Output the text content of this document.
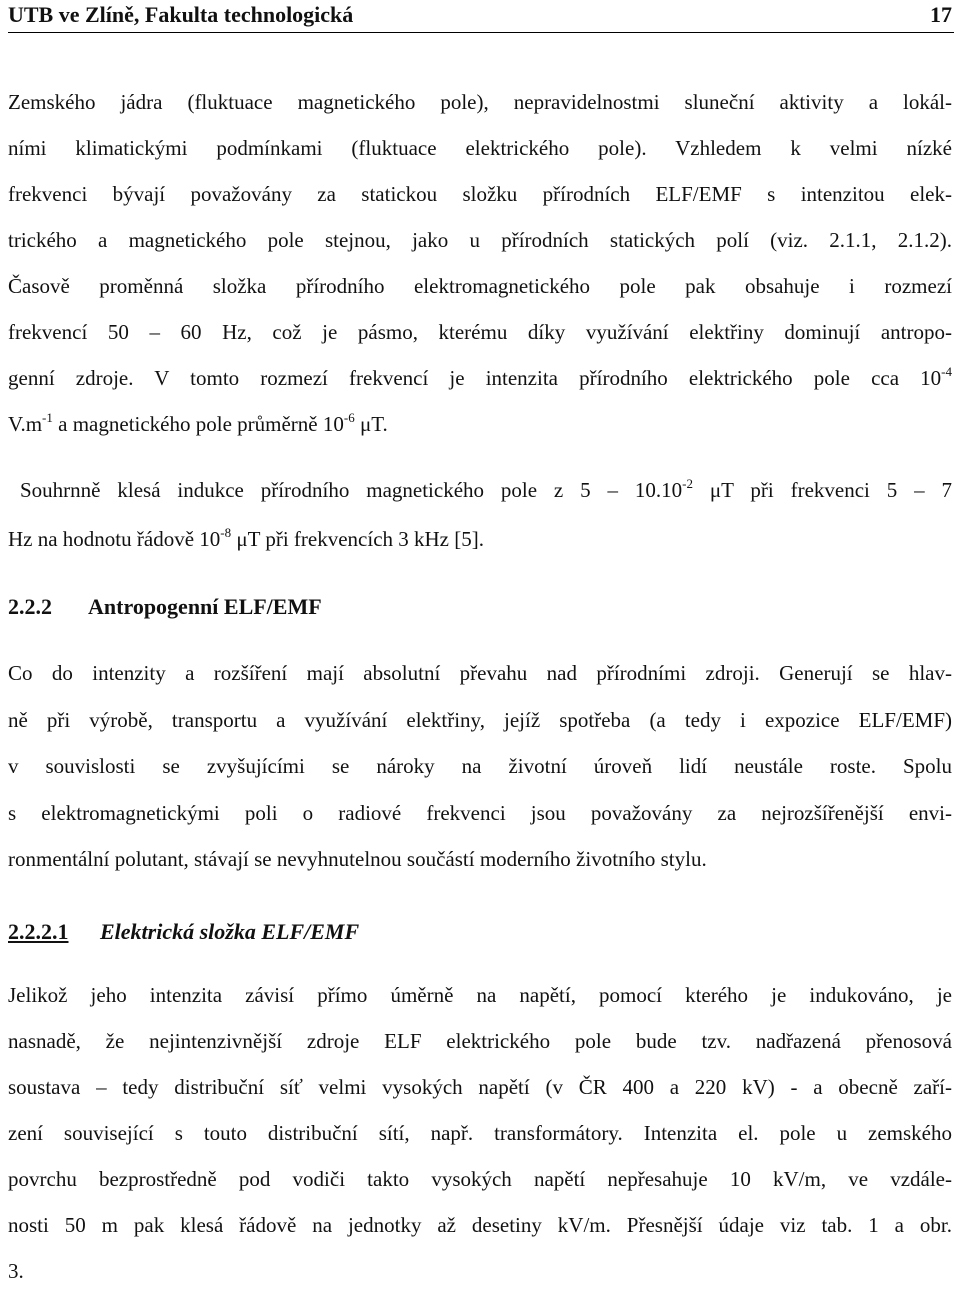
UTB ve Zlíně, Fakulta technologická	17
Zemského jádra (fluktuace magnetického pole), nepravidelnostmi sluneční aktivity a lokál-
ními klimatickými podmínkami (fluktuace elektrického pole). Vzhledem k velmi nízké
frekvenci bývají považovány za statickou složku přírodních ELF/EMF s intenzitou elek-
trického a magnetického pole stejnou, jako u přírodních statických polí (viz. 2.1.1, 2.1.2).
Časově proměnná složka přírodního elektromagnetického pole pak obsahuje i rozmezí
frekvencí 50 – 60 Hz, což je pásmo, kterému díky využívání elektřiny dominují antropo-
genní zdroje. V tomto rozmezí frekvencí je intenzita přírodního elektrického pole cca $10^{-4}$
$V.m^{-1}$ a magnetického pole průměrně $10^{-6}$ μT.
Souhrnně klesá indukce přírodního magnetického pole z $5 - 10.10^{-2}$ μT při frekvenci 5 – 7
Hz na hodnotu řádově $10^{-8}$ μT při frekvencích 3 kHz [5].
2.2.2 Antropogenní ELF/EMF
Co do intenzity a rozšíření mají absolutní převahu nad přírodními zdroji. Generují se hlav-
ně při výrobě, transportu a využívání elektřiny, jejíž spotřeba (a tedy i expozice ELF/EMF)
v souvislosti se zvyšujícími se nároky na životní úroveň lidí neustále roste. Spolu
s elektromagnetickými poli o radiové frekvenci jsou považovány za nejrozšířenější envi-
ronmentální polutant, stávají se nevyhnutelnou součástí moderního životního stylu.
2.2.2.1 Elektrická složka ELF/EMF
Jelikož jeho intenzita závisí přímo úměrně na napětí, pomocí kterého je indukováno, je
nasnadě, že nejintenzivnější zdroje ELF elektrického pole bude tzv. nadřazená přenosová
soustava – tedy distribuční síť velmi vysokých napětí (v ČR 400 a 220 kV) - a obecně zaří-
zení související s touto distribuční sítí, např. transformátory. Intenzita el. pole u zemského
povrchu bezprostředně pod vodiči takto vysokých napětí nepřesahuje 10 kV/m, ve vzdále-
nosti 50 m pak klesá řádově na jednotky až desetiny kV/m. Přesnější údaje viz tab. 1 a obr.
3.
